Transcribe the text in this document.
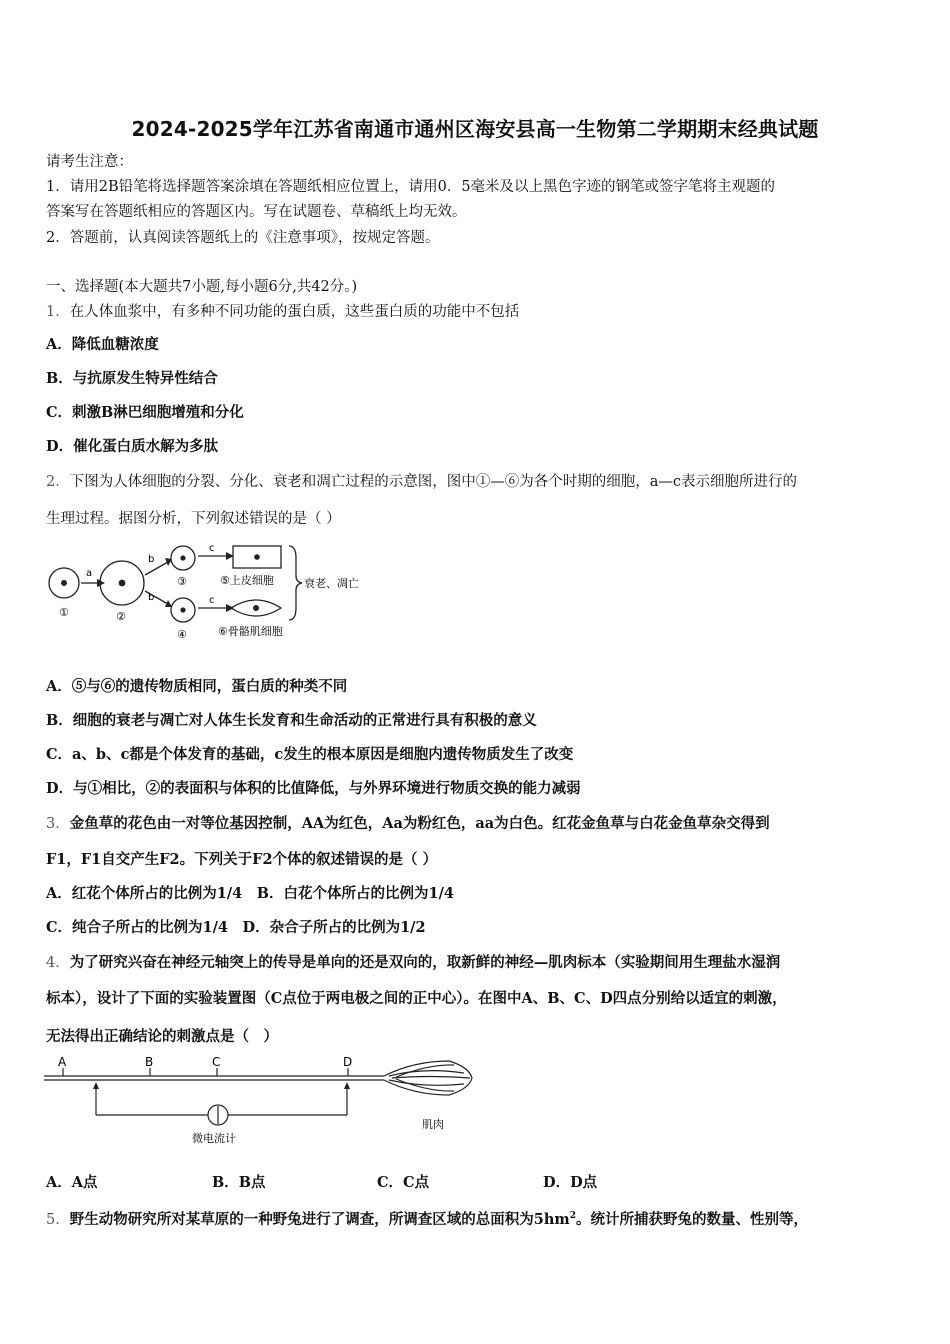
2024-2025学年江苏省南通市通州区海安县高一生物第二学期期末经典试题
请考生注意：
1．请用2B铅笔将选择题答案涂填在答题纸相应位置上，请用0．5毫米及以上黑色字迹的钢笔或签字笔将主观题的
答案写在答题纸相应的答题区内。写在试题卷、草稿纸上均无效。
2．答题前，认真阅读答题纸上的《注意事项》，按规定答题。
一、选择题(本大题共7小题,每小题6分,共42分。)
1．在人体血浆中，有多种不同功能的蛋白质，这些蛋白质的功能中不包括
A．降低血糖浓度
B．与抗原发生特异性结合
C．刺激B淋巴细胞增殖和分化
D．催化蛋白质水解为多肽
2．下图为人体细胞的分裂、分化、衰老和凋亡过程的示意图，图中①—⑥为各个时期的细胞，a—c表示细胞所进行的
生理过程。据图分析，下列叙述错误的是（ ）
①	②
③
④
a
b
b
c
c
⑤上皮细胞
⑥骨骼肌细胞
衰老、凋亡
A．⑤与⑥的遗传物质相同，蛋白质的种类不同
B．细胞的衰老与凋亡对人体生长发育和生命活动的正常进行具有积极的意义
C．a、b、c都是个体发育的基础，c发生的根本原因是细胞内遗传物质发生了改变
D．与①相比，②的表面积与体积的比值降低，与外界环境进行物质交换的能力减弱
3．金鱼草的花色由一对等位基因控制，AA为红色，Aa为粉红色，aa为白色。红花金鱼草与白花金鱼草杂交得到
F1，F1自交产生F2。下列关于F2个体的叙述错误的是（ ）
A．红花个体所占的比例为1/4　B．白花个体所占的比例为1/4
C．纯合子所占的比例为1/4　D．杂合子所占的比例为1/2
4．为了研究兴奋在神经元轴突上的传导是单向的还是双向的，取新鲜的神经—肌肉标本（实验期间用生理盐水湿润
标本），设计了下面的实验装置图（C点位于两电极之间的正中心）。在图中A、B、C、D四点分别给以适宜的刺激，
无法得出正确结论的刺激点是（　）
A	B	C	D
微电流计
肌肉
A．A点	B．B点	C．C点	D．D点
5．野生动物研究所对某草原的一种野兔进行了调查，所调查区域的总面积为$5hm^2$。统计所捕获野兔的数量、性别等，
